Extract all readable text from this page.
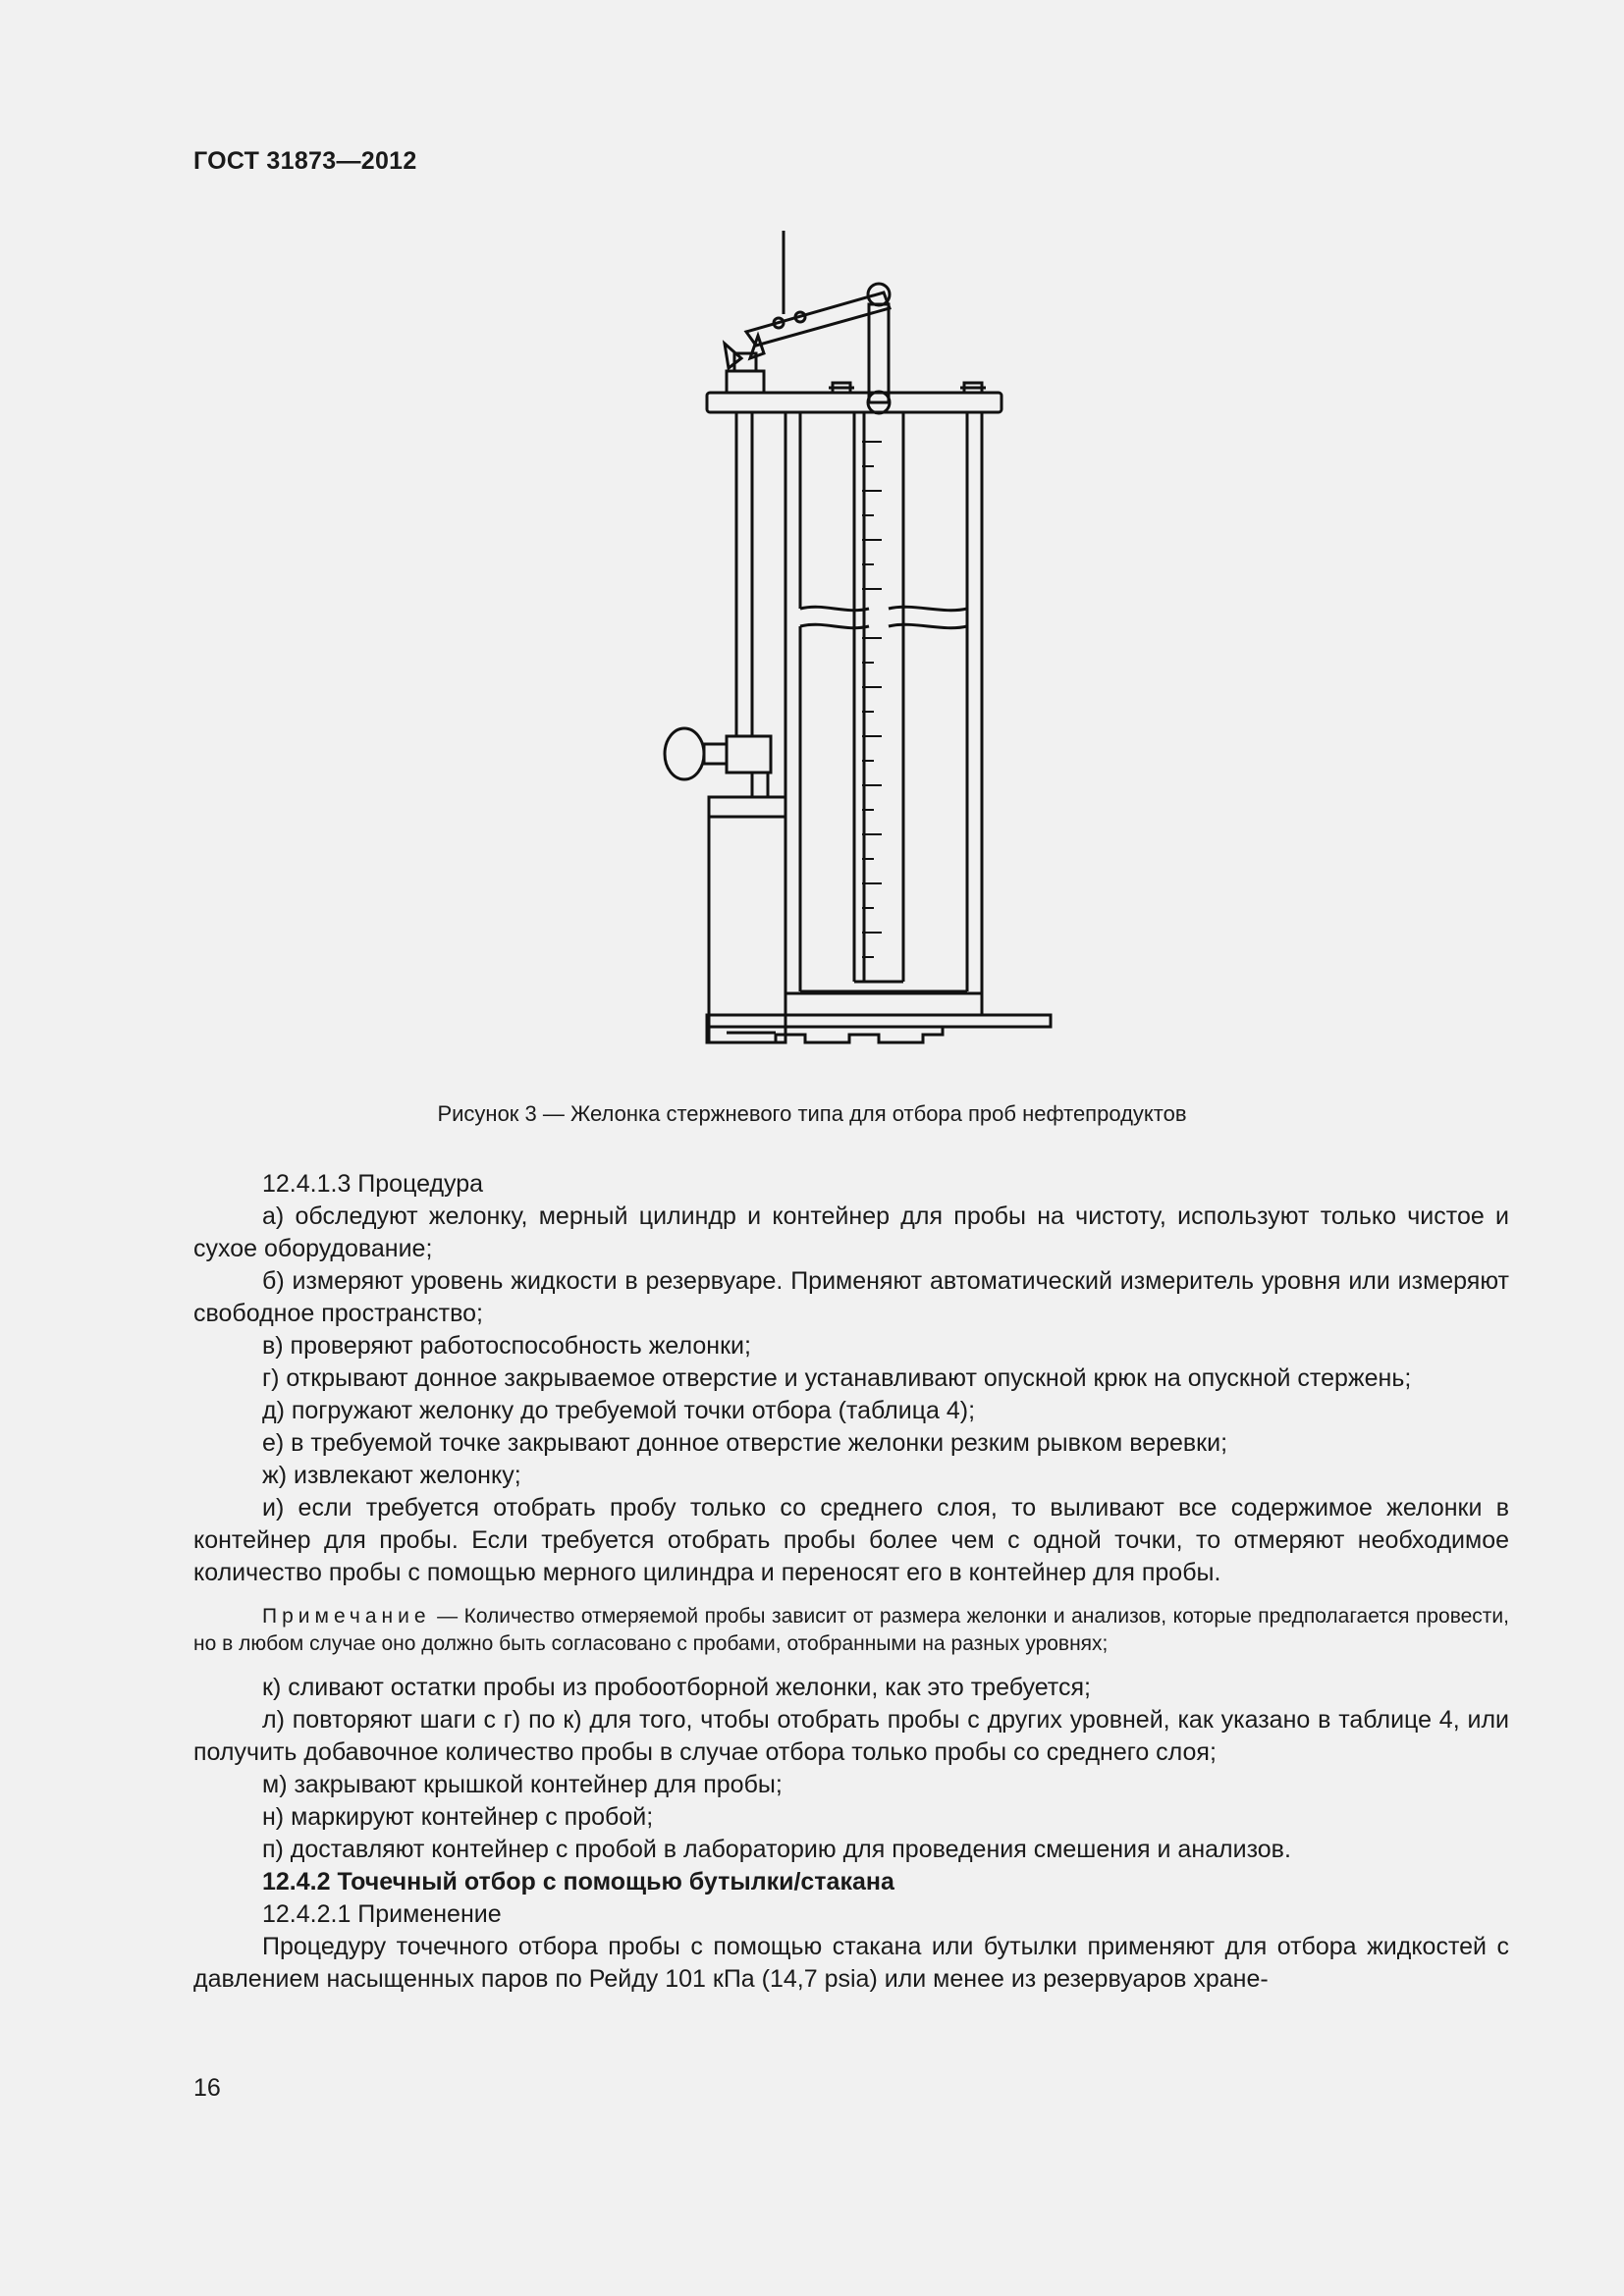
ГОСТ 31873—2012
Рисунок 3 — Желонка стержневого типа для отбора проб нефтепродуктов

12.4.1.3 Процедура

а) обследуют желонку, мерный цилиндр и контейнер для пробы на чистоту, используют только чистое и сухое оборудование;

б) измеряют уровень жидкости в резервуаре. Применяют автоматический измеритель уровня или измеряют свободное пространство;

в) проверяют работоспособность желонки;

г) открывают донное закрываемое отверстие и устанавливают опускной крюк на опускной стержень;

д) погружают желонку до требуемой точки отбора (таблица 4);

е) в требуемой точке закрывают донное отверстие желонки резким рывком веревки;

ж) извлекают желонку;

и) если требуется отобрать пробу только со среднего слоя, то выливают все содержимое желонки в контейнер для пробы. Если требуется отобрать пробы более чем с одной точки, то отмеряют необходимое количество пробы с помощью мерного цилиндра и переносят его в контейнер для пробы.

Примечание — Количество отмеряемой пробы зависит от размера желонки и анализов, которые предполагается провести, но в любом случае оно должно быть согласовано с пробами, отобранными на разных уровнях;

к) сливают остатки пробы из пробоотборной желонки, как это требуется;

л) повторяют шаги с г) по к) для того, чтобы отобрать пробы с других уровней, как указано в таблице 4, или получить добавочное количество пробы в случае отбора только пробы со среднего слоя;

м) закрывают крышкой контейнер для пробы;

н) маркируют контейнер с пробой;

п) доставляют контейнер с пробой в лабораторию для проведения смешения и анализов.

12.4.2 Точечный отбор с помощью бутылки/стакана

12.4.2.1 Применение

Процедуру точечного отбора пробы с помощью стакана или бутылки применяют для отбора жидкостей с давлением насыщенных паров по Рейду 101 кПа (14,7 psia) или менее из резервуаров хране-

16
